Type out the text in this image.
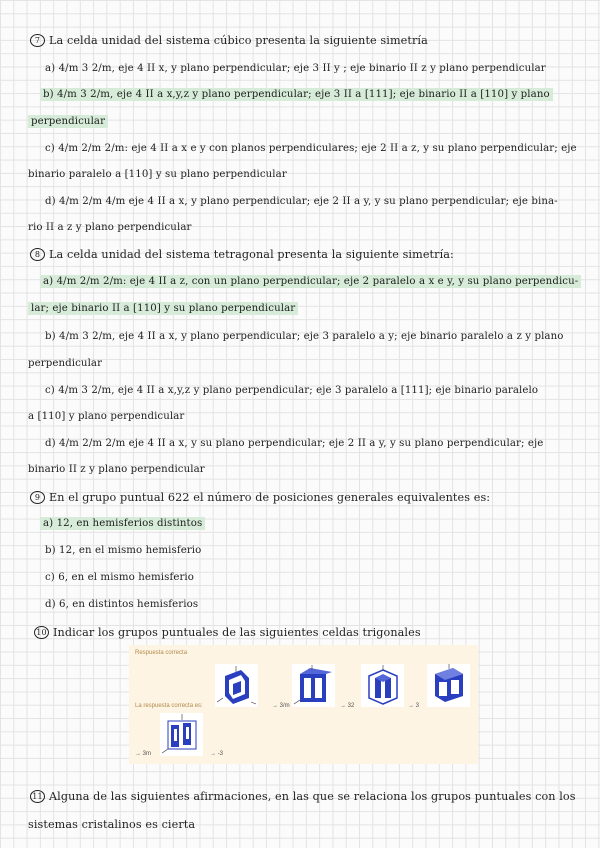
7 La celda unidad del sistema cúbico presenta la siguiente simetría
a) 4/m 3 2/m, eje 4 II x, y plano perpendicular; eje 3 II y ; eje binario II z y plano perpendicular
b) 4/m 3 2/m, eje 4 II a x,y,z y plano perpendicular; eje 3 II a [111]; eje binario II a [110] y plano
perpendicular
c) 4/m 2/m 2/m: eje 4 II a x e y con planos perpendiculares; eje 2 II a z, y su plano perpendicular; eje
binario paralelo a [110] y su plano perpendicular
d) 4/m 2/m 4/m eje 4 II a x, y plano perpendicular; eje 2 II a y, y su plano perpendicular; eje bina-
rio II a z y plano perpendicular
8 La celda unidad del sistema tetragonal presenta la siguiente simetría:
a) 4/m 2/m 2/m: eje 4 II a z, con un plano perpendicular; eje 2 paralelo a x e y, y su plano perpendicu-
lar; eje binario II a [110] y su plano perpendicular
b) 4/m 3 2/m, eje 4 II a x, y plano perpendicular; eje 3 paralelo a y; eje binario paralelo a z y plano
perpendicular
c) 4/m 3 2/m, eje 4 II a x,y,z y plano perpendicular; eje 3 paralelo a [111]; eje binario paralelo
a [110] y plano perpendicular
d) 4/m 2/m 2/m eje 4 II a x, y su plano perpendicular; eje 2 II a y, y su plano perpendicular; eje
binario II z y plano perpendicular
9 En el grupo puntual 622 el número de posiciones generales equivalentes es:
a) 12, en hemisferios distintos
b) 12, en el mismo hemisferio
c) 6, en el mismo hemisferio
d) 6, en distintos hemisferios
10 Indicar los grupos puntuales de las siguientes celdas trigonales
Respuesta correcta
La respuesta correcta es:	→ 3/m	→ 32	→ 3
→ 3m	→ -3
11 Alguna de las siguientes afirmaciones, en las que se relaciona los grupos puntuales con los
sistemas cristalinos es cierta
